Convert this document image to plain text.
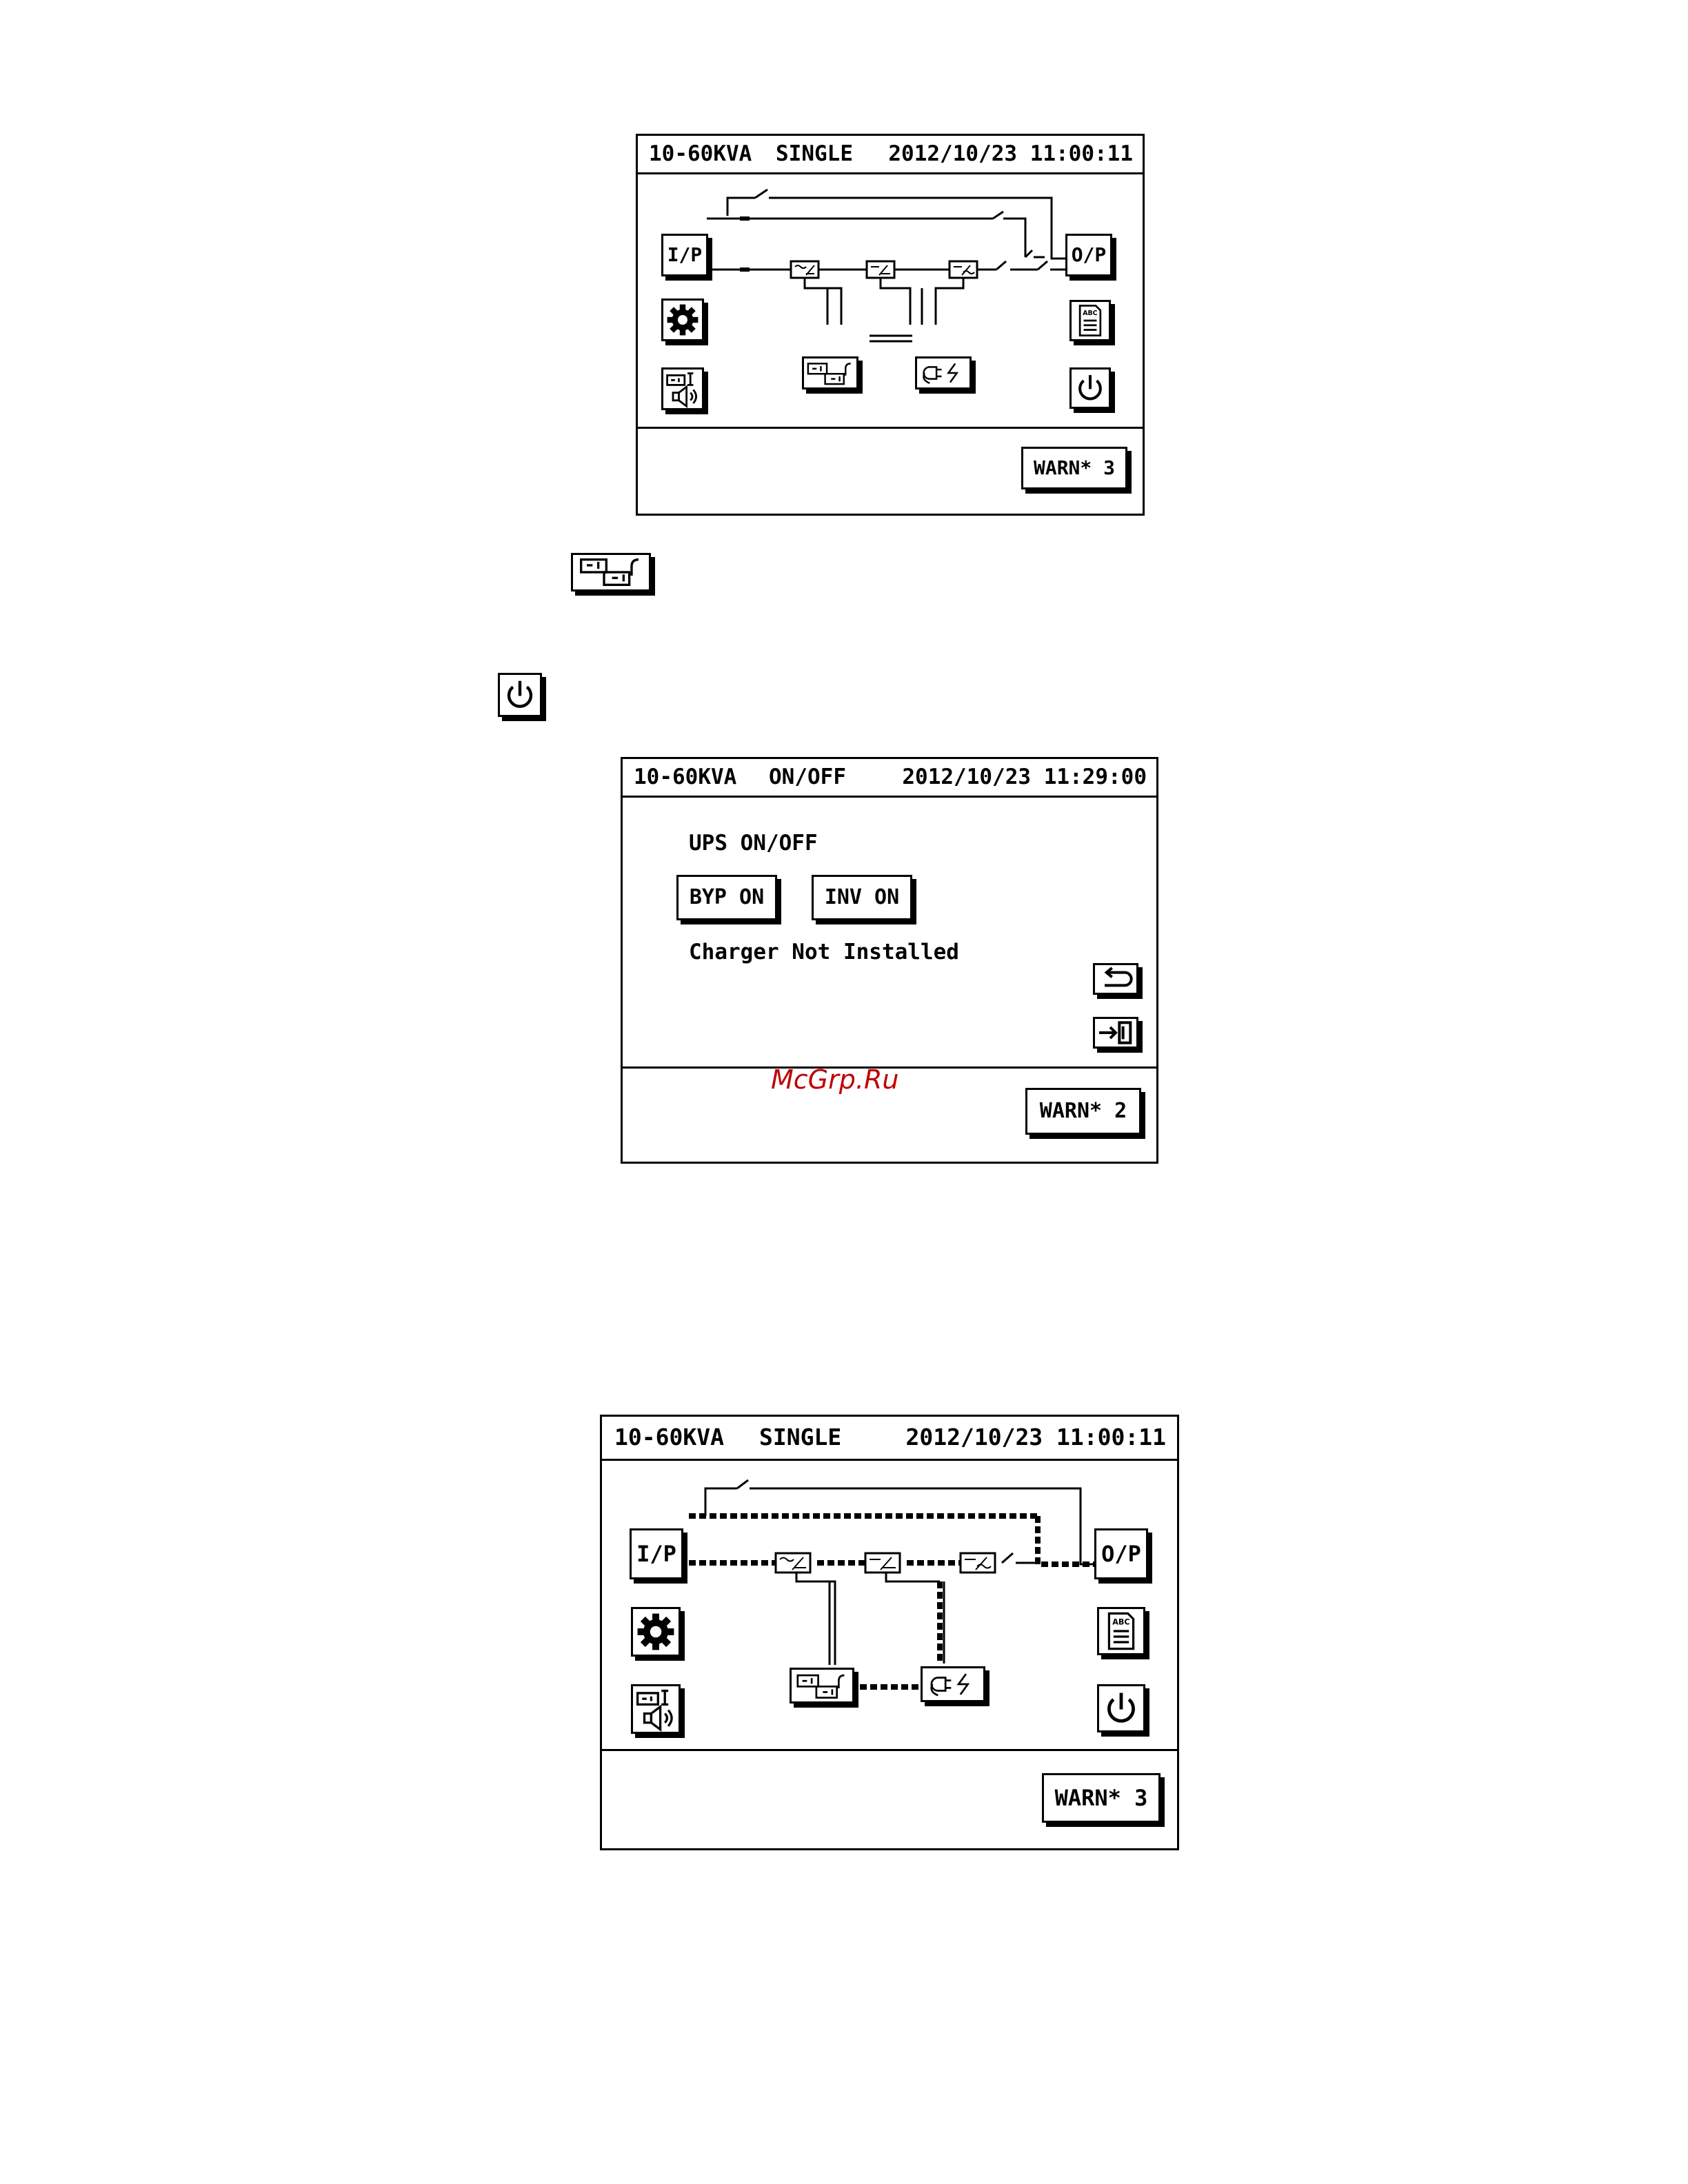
10-60KVA

SINGLE

2012/10/23 11:00:11

I/P	O/P
ABC
WARN* 3

10-60KVA

ON/OFF

	2012/10/23 11:29:00

UPS ON/OFF
BYP ON	INV ON
Charger Not Installed
WARN* 2
McGrp.Ru

10-60KVA

SINGLE

	2012/10/23 11:00:11

I/P	O/P
ABC
WARN* 3
